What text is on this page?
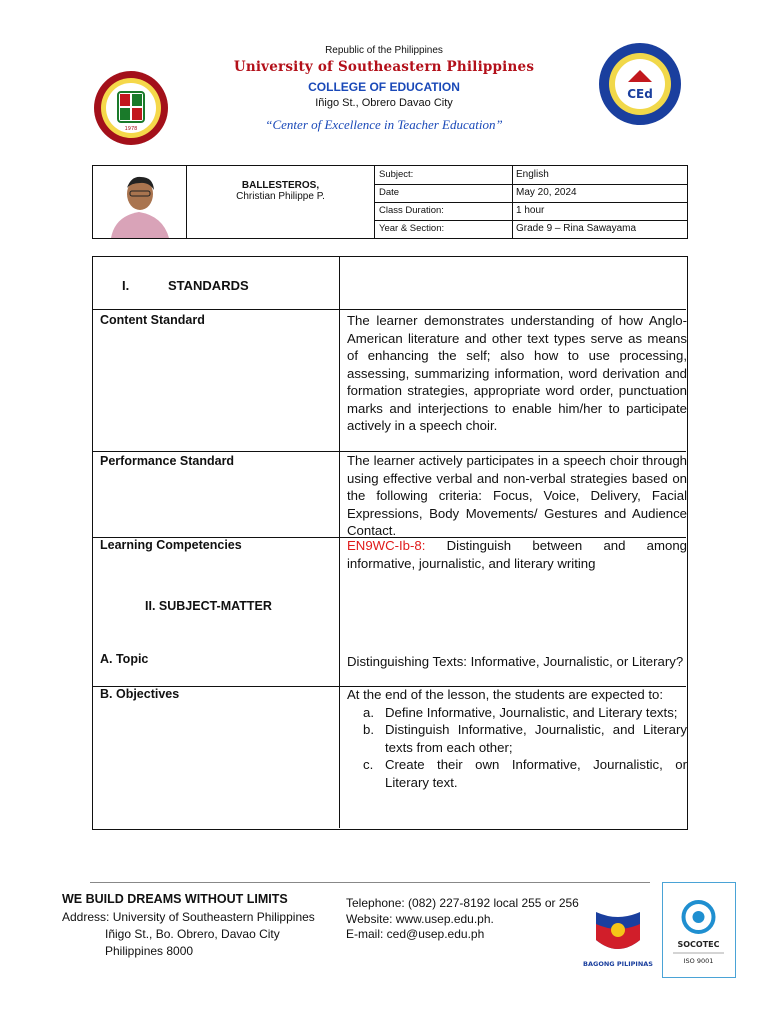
1978
CEd
Republic of the Philippines
University of Southeastern Philippines
COLLEGE OF EDUCATION
Iñigo St., Obrero Davao City
“Center of Excellence in Teacher Education”
BALLESTEROS,
Christian Philippe P.
Subject:	English
Date	May 20, 2024
Class Duration:	1 hour
Year & Section:	Grade 9 – Rina Sawayama
I.	STANDARDS
Content Standard	The learner demonstrates understanding of how Anglo-American literature and other text types serve as means of enhancing the self; also how to use processing, assessing, summarizing information, word derivation and formation strategies, appropriate word order, punctuation marks and interjections to enable him/her to participate actively in a speech choir.
Performance Standard	The learner actively participates in a speech choir through using effective verbal and non-verbal strategies based on the following criteria: Focus, Voice, Delivery, Facial Expressions, Body Movements/ Gestures and Audience Contact.
Learning Competencies	EN9WC-Ib-8: Distinguish between and among informative, journalistic, and literary writing
II. SUBJECT-MATTER
A. Topic	Distinguishing Texts: Informative, Journalistic, or Literary?
B. Objectives	At the end of the lesson, the students are expected to:
a. Define Informative, Journalistic, and Literary texts;
b. Distinguish Informative, Journalistic, and Literary texts from each other;
c. Create their own Informative, Journalistic, or Literary text.
WE BUILD DREAMS WITHOUT LIMITS
Address: University of Southeastern Philippines
Iñigo St., Bo. Obrero, Davao City
Philippines 8000
Telephone: (082) 227-8192 local 255 or 256
Website: www.usep.edu.ph.
E-mail: ced@usep.edu.ph
BAGONG PILIPINAS
SOCOTEC
ISO 9001
